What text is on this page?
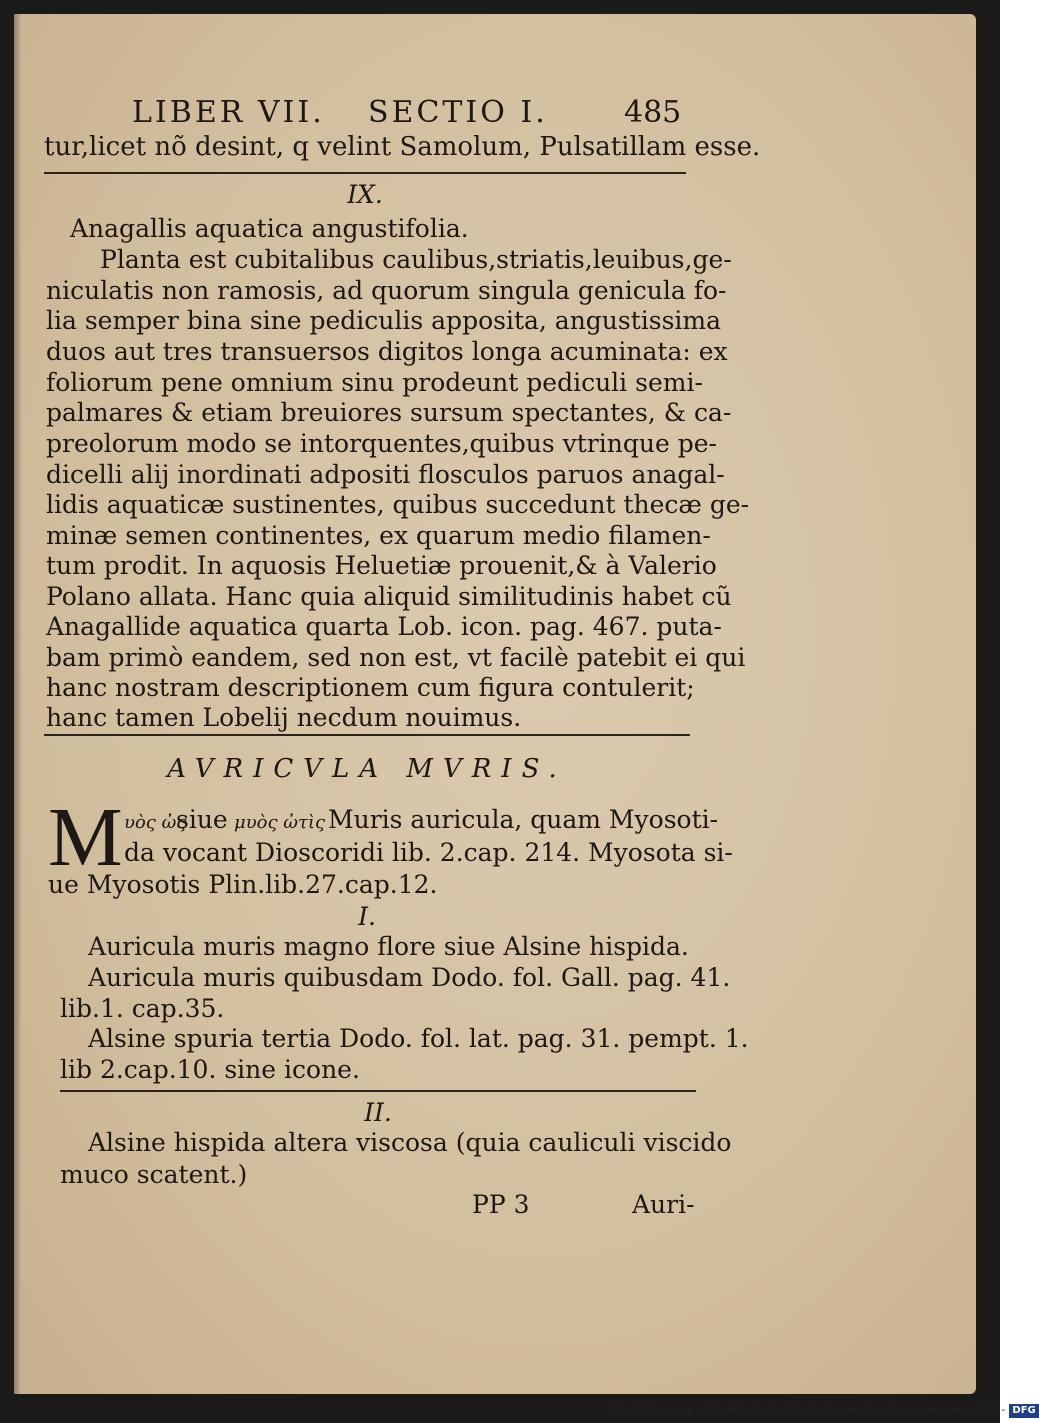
LIBER VII. SECTIO I.	485
tur,licet nõ desint, q velint Samolum, Pulsatillam esse.
IX.
Anagallis aquatica angustifolia.
Planta est cubitalibus caulibus,striatis,leuibus,ge-
niculatis non ramosis, ad quorum singula genicula fo-
lia semper bina sine pediculis apposita, angustissima
duos aut tres transuersos digitos longa acuminata: ex
foliorum pene omnium sinu prodeunt pediculi semi-
palmares & etiam breuiores sursum spectantes, & ca-
preolorum modo se intorquentes,quibus vtrinque pe-
dicelli alij inordinati adpositi flosculos paruos anagal-
lidis aquaticæ sustinentes, quibus succedunt thecæ ge-
minæ semen continentes, ex quarum medio filamen-
tum prodit. In aquosis Heluetiæ prouenit,& à Valerio
Polano allata. Hanc quia aliquid similitudinis habet cũ
Anagallide aquatica quarta Lob. icon. pag. 467. puta-
bam primò eandem, sed non est, vt facilè patebit ei qui
hanc nostram descriptionem cum figura contulerit;
hanc tamen Lobelij necdum nouimus.
AVRICVLA MVRIS.
M υὸς ὠς
siue μυὸς ὠτὶς Muris auricula, quam Myosoti-
da vocant Dioscoridi lib. 2.cap. 214. Myosota si-
ue Myosotis Plin.lib.27.cap.12.
I.
Auricula muris magno flore siue Alsine hispida.
Auricula muris quibusdam Dodo. fol. Gall. pag. 41.
lib.1. cap.35.
Alsine spuria tertia Dodo. fol. lat. pag. 31. pempt. 1.
lib 2.cap.10. sine icone.
II.
Alsine hispida altera viscosa (quia cauliculi viscido
muco scatent.)
PP 3	Auri-
Digitalisierung gefördert durch die Deutsche Forschungsgemeinschaft - DFG
